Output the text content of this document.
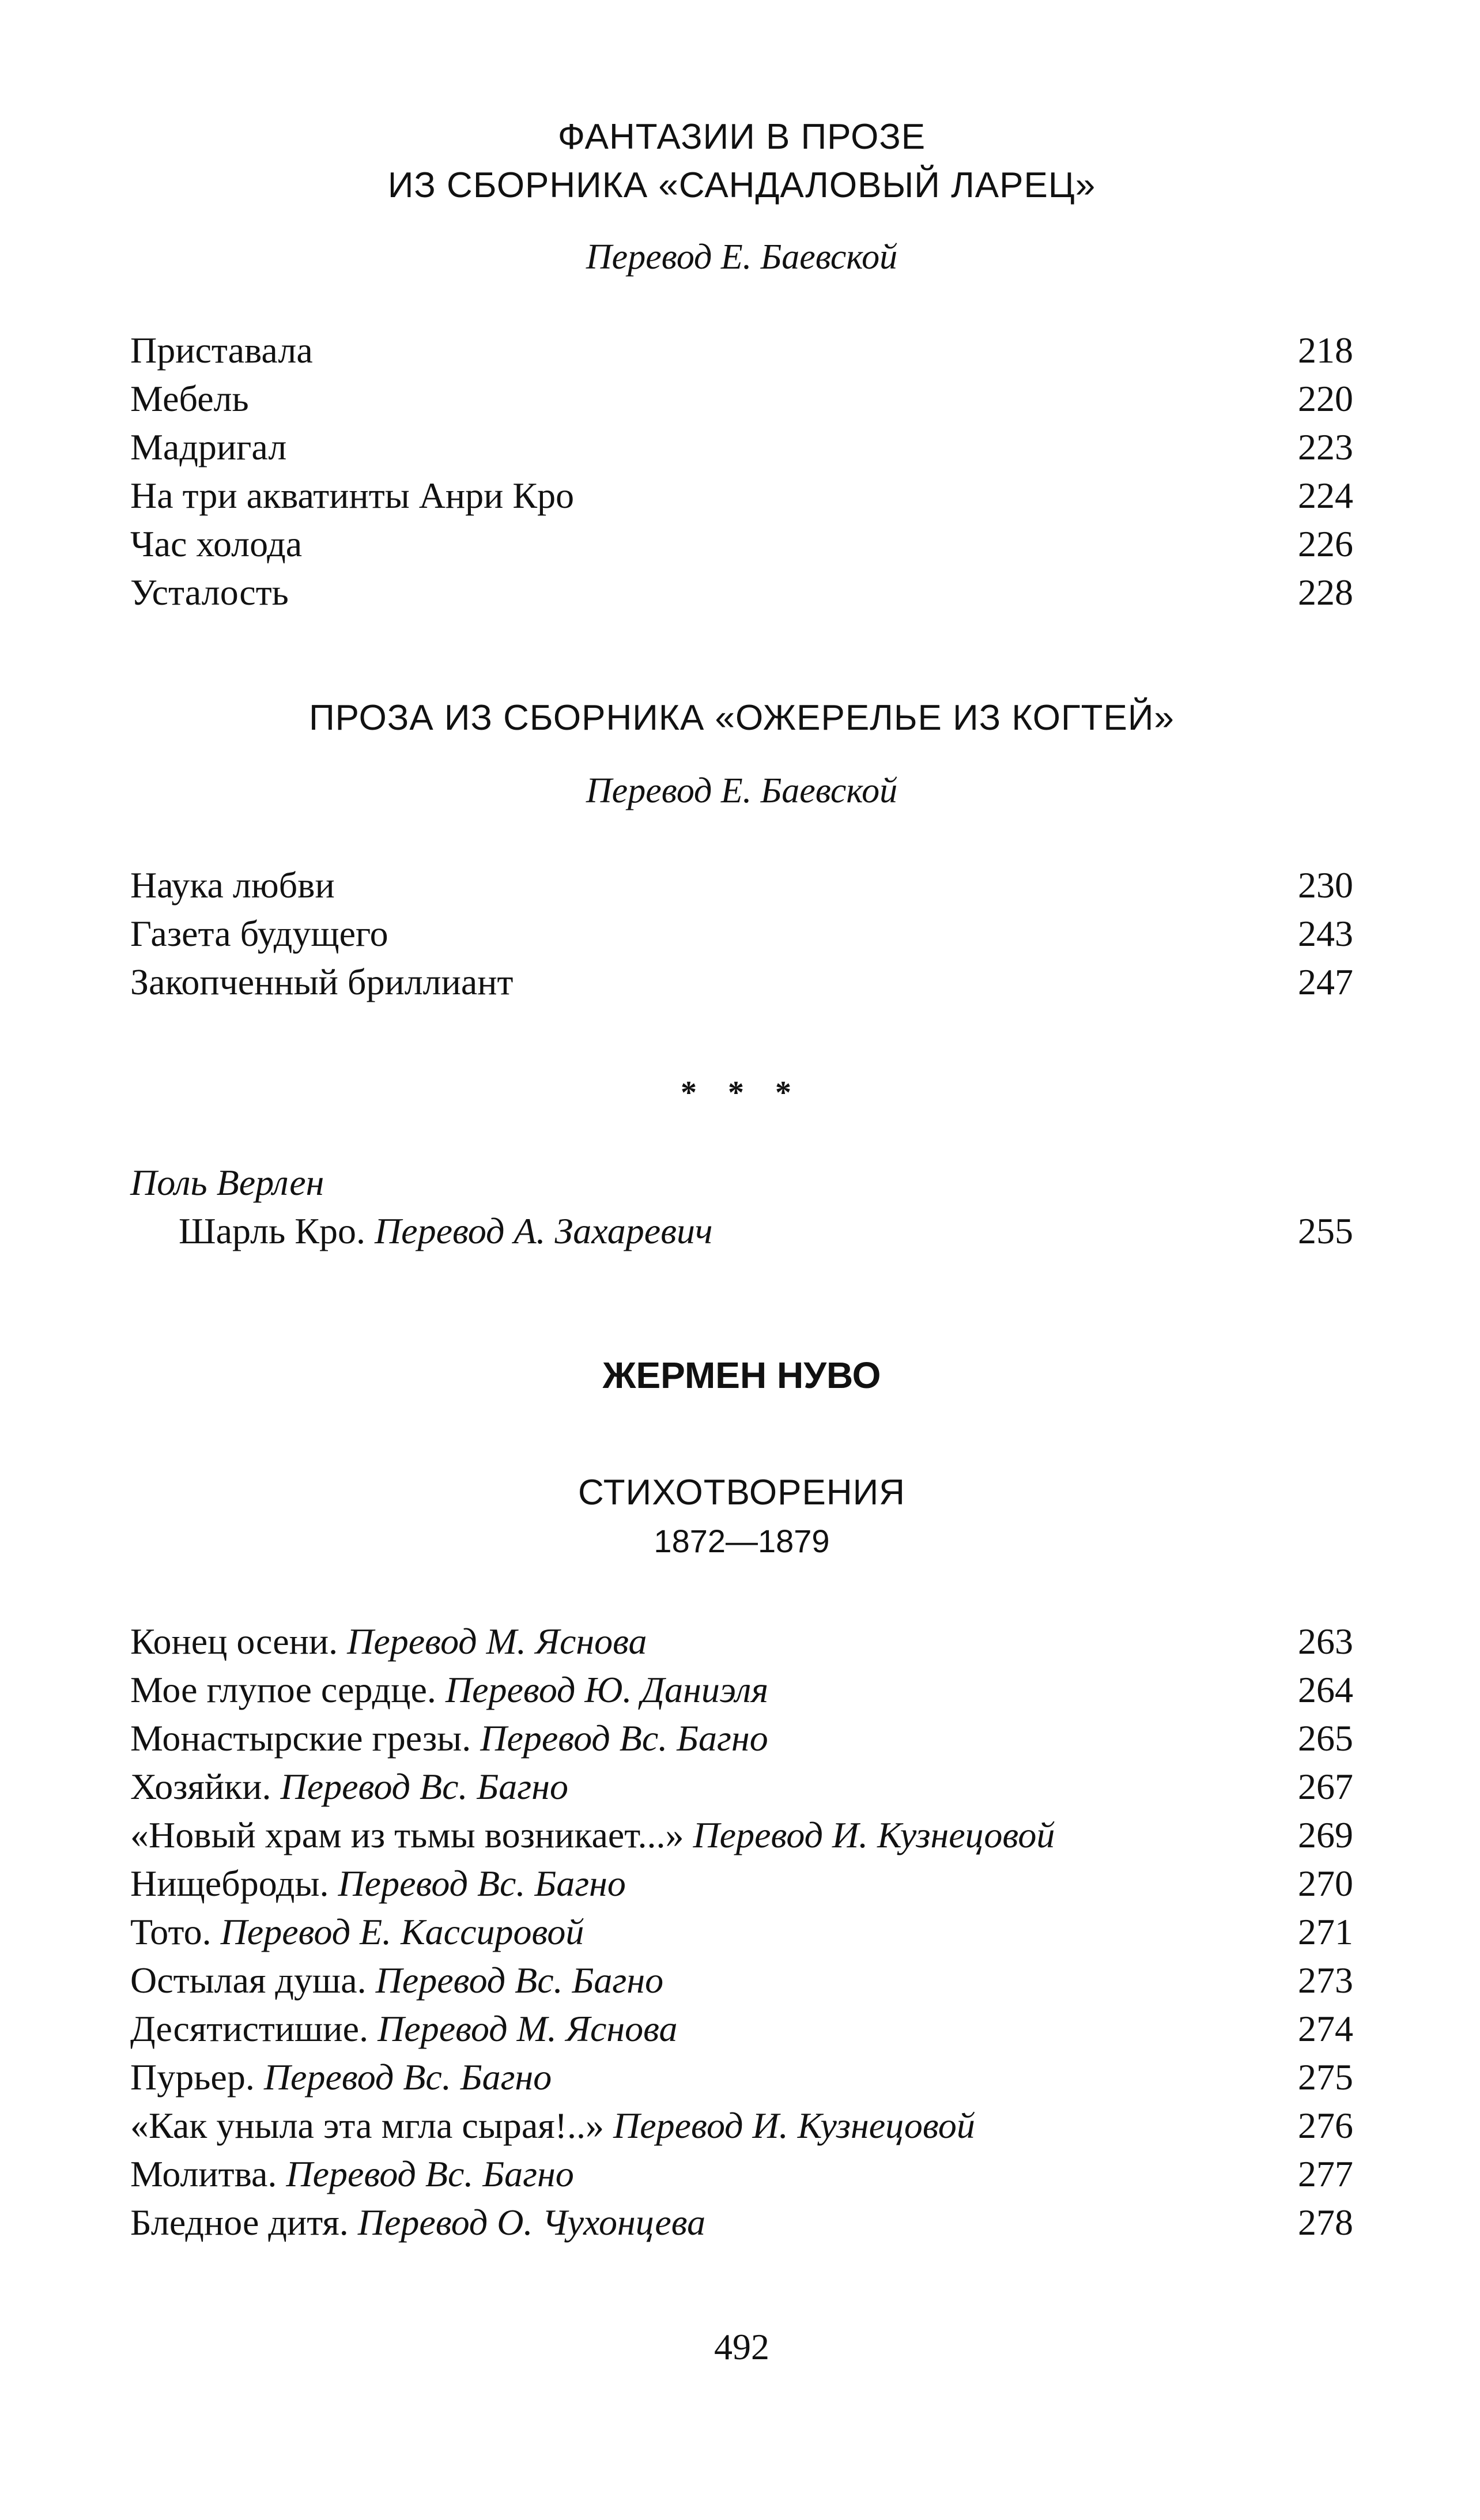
ФАНТАЗИИ В ПРОЗЕ
ИЗ СБОРНИКА «САНДАЛОВЫЙ ЛАРЕЦ»
Перевод Е. Баевской
Приставала	218
Мебель	220
Мадригал	223
На три акватинты Анри Кро	224
Час холода	226
Усталость	228
ПРОЗА ИЗ СБОРНИКА «ОЖЕРЕЛЬЕ ИЗ КОГТЕЙ»
Перевод Е. Баевской
Наука любви	230
Газета будущего	243
Закопченный бриллиант	247
* * *
Поль Верлен
Шарль Кро. Перевод А. Захаревич	255
ЖЕРМЕН НУВО
СТИХОТВОРЕНИЯ
1872—1879
Конец осени. Перевод М. Яснова	263
Мое глупое сердце. Перевод Ю. Даниэля	264
Монастырские грезы. Перевод Вс. Багно	265
Хозяйки. Перевод Вс. Багно	267
«Новый храм из тьмы возникает...» Перевод И. Кузнецовой	269
Нищеброды. Перевод Вс. Багно	270
Тото. Перевод Е. Кассировой	271
Остылая душа. Перевод Вс. Багно	273
Десятистишие. Перевод М. Яснова	274
Пурьер. Перевод Вс. Багно	275
«Как уныла эта мгла сырая!..» Перевод И. Кузнецовой	276
Молитва. Перевод Вс. Багно	277
Бледное дитя. Перевод О. Чухонцева	278
492
